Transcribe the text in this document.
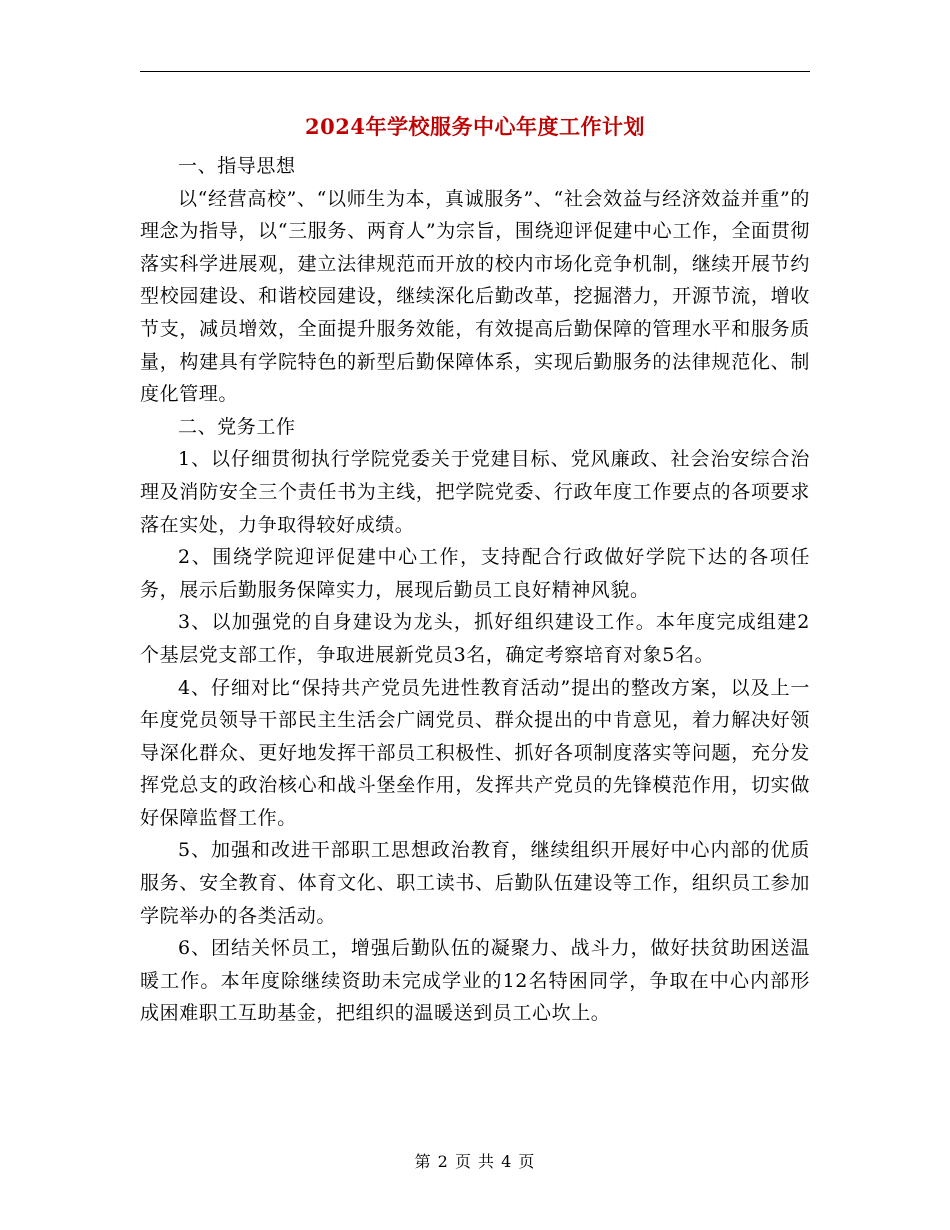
2024年学校服务中心年度工作计划

一、指导思想

以“经营高校”、“以师生为本，真诚服务”、“社会效益与经济效益并重”的理念为指导，以“三服务、两育人”为宗旨，围绕迎评促建中心工作，全面贯彻落实科学进展观，建立法律规范而开放的校内市场化竞争机制，继续开展节约型校园建设、和谐校园建设，继续深化后勤改革，挖掘潜力，开源节流，增收节支，减员增效，全面提升服务效能，有效提高后勤保障的管理水平和服务质量，构建具有学院特色的新型后勤保障体系，实现后勤服务的法律规范化、制度化管理。

二、党务工作

1、以仔细贯彻执行学院党委关于党建目标、党风廉政、社会治安综合治理及消防安全三个责任书为主线，把学院党委、行政年度工作要点的各项要求落在实处，力争取得较好成绩。

2、围绕学院迎评促建中心工作，支持配合行政做好学院下达的各项任务，展示后勤服务保障实力，展现后勤员工良好精神风貌。

3、以加强党的自身建设为龙头，抓好组织建设工作。本年度完成组建2个基层党支部工作，争取进展新党员3名，确定考察培育对象5名。

4、仔细对比“保持共产党员先进性教育活动”提出的整改方案，以及上一年度党员领导干部民主生活会广阔党员、群众提出的中肯意见，着力解决好领导深化群众、更好地发挥干部员工积极性、抓好各项制度落实等问题，充分发挥党总支的政治核心和战斗堡垒作用，发挥共产党员的先锋模范作用，切实做好保障监督工作。

5、加强和改进干部职工思想政治教育，继续组织开展好中心内部的优质服务、安全教育、体育文化、职工读书、后勤队伍建设等工作，组织员工参加学院举办的各类活动。

6、团结关怀员工，增强后勤队伍的凝聚力、战斗力，做好扶贫助困送温暖工作。本年度除继续资助未完成学业的12名特困同学，争取在中心内部形成困难职工互助基金，把组织的温暖送到员工心坎上。

第 2 页 共 4 页
